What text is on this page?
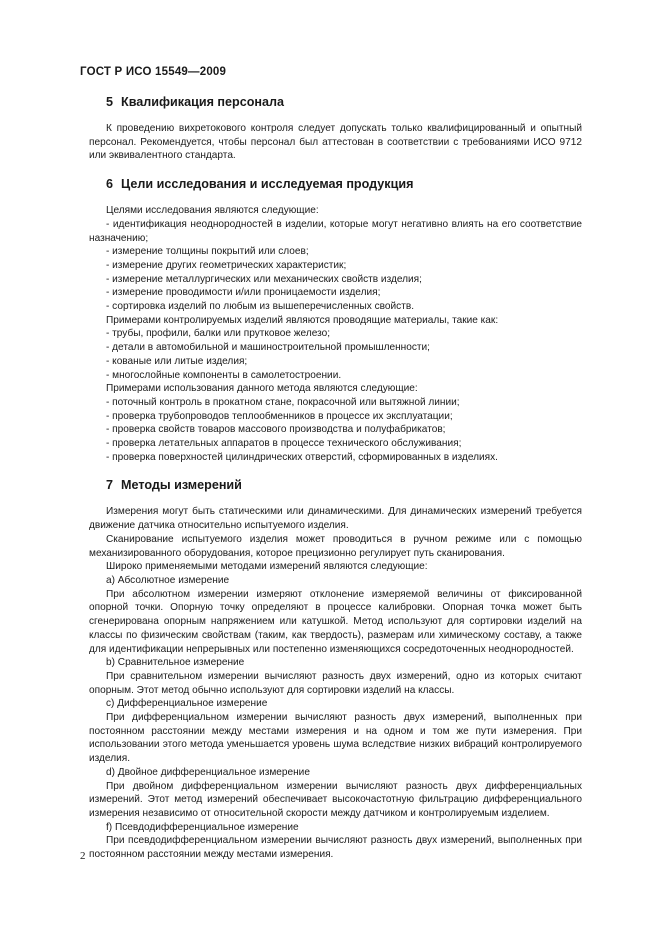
ГОСТ Р ИСО 15549—2009
5 Квалификация персонала

К проведению вихретокового контроля следует допускать только квалифицированный и опытный персонал. Рекомендуется, чтобы персонал был аттестован в соответствии с требованиями ИСО 9712 или эквивалентного стандарта.

6 Цели исследования и исследуемая продукция

Целями исследования являются следующие:

- идентификация неоднородностей в изделии, которые могут негативно влиять на его соответствие назначению;

- измерение толщины покрытий или слоев;

- измерение других геометрических характеристик;

- измерение металлургических или механических свойств изделия;

- измерение проводимости и/или проницаемости изделия;

- сортировка изделий по любым из вышеперечисленных свойств.

Примерами контролируемых изделий являются проводящие материалы, такие как:

- трубы, профили, балки или прутковое железо;

- детали в автомобильной и машиностроительной промышленности;

- кованые или литые изделия;

- многослойные компоненты в самолетостроении.

Примерами использования данного метода являются следующие:

- поточный контроль в прокатном стане, покрасочной или вытяжной линии;

- проверка трубопроводов теплообменников в процессе их эксплуатации;

- проверка свойств товаров массового производства и полуфабрикатов;

- проверка летательных аппаратов в процессе технического обслуживания;

- проверка поверхностей цилиндрических отверстий, сформированных в изделиях.

7 Методы измерений

Измерения могут быть статическими или динамическими. Для динамических измерений требуется движение датчика относительно испытуемого изделия.

Сканирование испытуемого изделия может проводиться в ручном режиме или с помощью механизированного оборудования, которое прецизионно регулирует путь сканирования.

Широко применяемыми методами измерений являются следующие:

a) Абсолютное измерение

При абсолютном измерении измеряют отклонение измеряемой величины от фиксированной опорной точки. Опорную точку определяют в процессе калибровки. Опорная точка может быть сгенерирована опорным напряжением или катушкой. Метод используют для сортировки изделий на классы по физическим свойствам (таким, как твердость), размерам или химическому составу, а также для идентификации непрерывных или постепенно изменяющихся сосредоточенных неоднородностей.

b) Сравнительное измерение

При сравнительном измерении вычисляют разность двух измерений, одно из которых считают опорным. Этот метод обычно используют для сортировки изделий на классы.

c) Дифференциальное измерение

При дифференциальном измерении вычисляют разность двух измерений, выполненных при постоянном расстоянии между местами измерения и на одном и том же пути измерения. При использовании этого метода уменьшается уровень шума вследствие низких вибраций контролируемого изделия.

d) Двойное дифференциальное измерение

При двойном дифференциальном измерении вычисляют разность двух дифференциальных измерений. Этот метод измерений обеспечивает высокочастотную фильтрацию дифференциального измерения независимо от относительной скорости между датчиком и контролируемым изделием.

f) Псевдодифференциальное измерение

При псевдодифференциальном измерении вычисляют разность двух измерений, выполненных при постоянном расстоянии между местами измерения.

2
